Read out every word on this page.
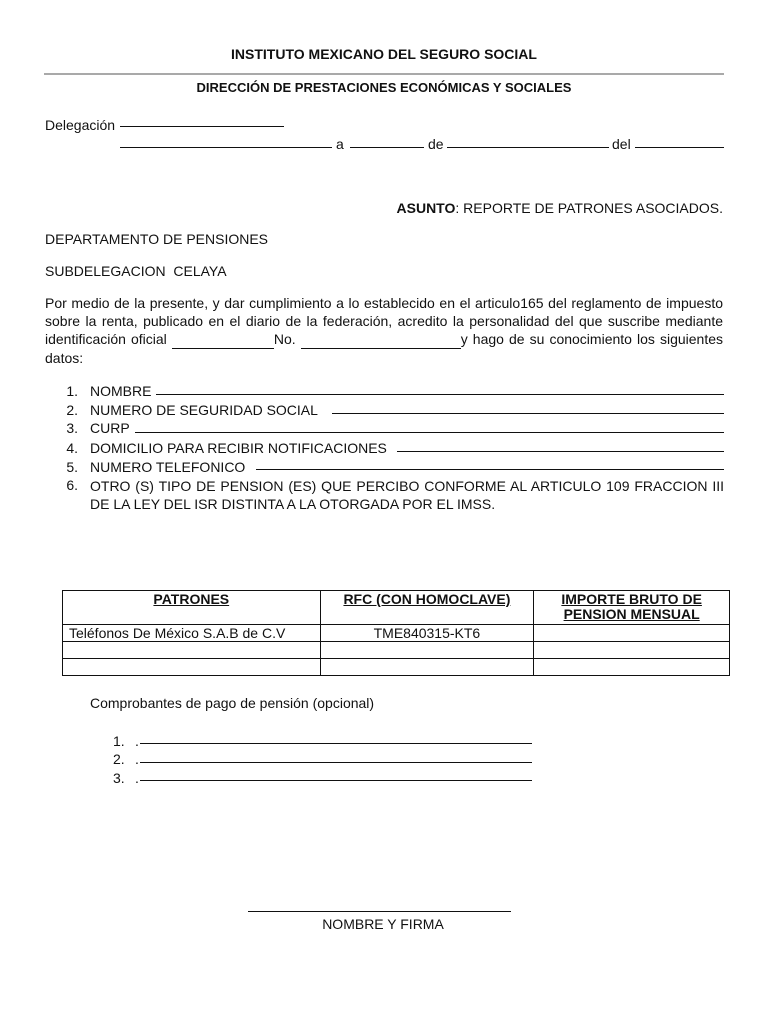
INSTITUTO MEXICANO DEL SEGURO SOCIAL
DIRECCIÓN DE PRESTACIONES ECONÓMICAS Y SOCIALES
Delegación
a	de	del
ASUNTO: REPORTE DE PATRONES ASOCIADOS.
DEPARTAMENTO DE PENSIONES
SUBDELEGACION  CELAYA
Por medio de la presente, y dar cumplimiento a lo establecido en el articulo165 del reglamento de impuesto sobre la renta, publicado en el diario de la federación, acredito la personalidad del que suscribe mediante identificación oficial	No.	y hago de su conocimiento los siguientes datos:
1. NOMBRE
2. NUMERO DE SEGURIDAD SOCIAL
3. CURP
4. DOMICILIO PARA RECIBIR NOTIFICACIONES
5. NUMERO TELEFONICO
6. OTRO (S) TIPO DE PENSION (ES) QUE PERCIBO CONFORME AL ARTICULO 109 FRACCION III DE LA LEY DEL ISR DISTINTA A LA OTORGADA POR EL IMSS.
PATRONES	RFC (CON HOMOCLAVE)	IMPORTE BRUTO DE PENSION MENSUAL
Teléfonos De México S.A.B de C.V	TME840315-KT6	

Comprobantes de pago de pensión (opcional)
1. .
2. .
3. .
NOMBRE Y FIRMA
